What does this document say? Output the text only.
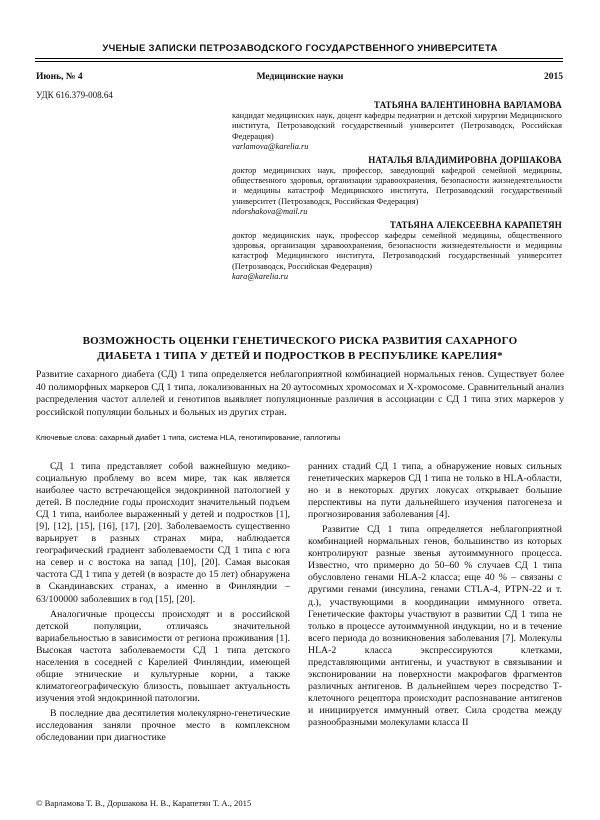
УЧЕНЫЕ ЗАПИСКИ ПЕТРОЗАВОДСКОГО ГОСУДАРСТВЕННОГО УНИВЕРСИТЕТА
Июнь, № 4	Медицинские науки	2015
УДК 616.379-008.64
ТАТЬЯНА ВАЛЕНТИНОВНА ВАРЛАМОВА
кандидат медицинских наук, доцент кафедры педиатрии и детской хирургии Медицинского института, Петрозаводский государственный университет (Петрозаводск, Российская Федерация)
varlamova@karelia.ru
НАТАЛЬЯ ВЛАДИМИРОВНА ДОРШАКОВА
доктор медицинских наук, профессор, заведующий кафедрой семейной медицины, общественного здоровья, организации здравоохранения, безопасности жизнедеятельности и медицины катастроф Медицинского института, Петрозаводский государственный университет (Петрозаводск, Российская Федерация)
ndorshakova@mail.ru
ТАТЬЯНА АЛЕКСЕЕВНА КАРАПЕТЯН
доктор медицинских наук, профессор кафедры семейной медицины, общественного здоровья, организации здравоохранения, безопасности жизнедеятельности и медицины катастроф Медицинского института, Петрозаводский государственный университет (Петрозаводск, Российская Федерация)
kara@karelia.ru
ВОЗМОЖНОСТЬ ОЦЕНКИ ГЕНЕТИЧЕСКОГО РИСКА РАЗВИТИЯ САХАРНОГО
ДИАБЕТА 1 ТИПА У ДЕТЕЙ И ПОДРОСТКОВ В РЕСПУБЛИКЕ КАРЕЛИЯ*
Развитие сахарного диабета (СД) 1 типа определяется неблагоприятной комбинацией нормальных генов. Существует более 40 полиморфных маркеров СД 1 типа, локализованных на 20 аутосомных хромосомах и X-хромосоме. Сравнительный анализ распределения частот аллелей и генотипов выявляет популяционные различия в ассоциации с СД 1 типа этих маркеров у российской популяции больных и больных из других стран.
Ключевые слова: сахарный диабет 1 типа, система HLA, генотипирование, гаплотипы

СД 1 типа представляет собой важнейшую медико-социальную проблему во всем мире, так как является наиболее часто встречающейся эндокринной патологией у детей. В последние годы происходит значительный подъем СД 1 типа, наиболее выраженный у детей и подростков [1], [9], [12], [15], [16], [17], [20]. Заболеваемость существенно варьирует в разных странах мира, наблюдается географический градиент заболеваемости СД 1 типа с юга на север и с востока на запад [10], [20]. Самая высокая частота СД 1 типа у детей (в возрасте до 15 лет) обнаружена в Скандинавских странах, а именно в Финляндии – 63/100000 заболевших в год [15], [20].

Аналогичные процессы происходят и в российской детской популяции, отличаясь значительной вариабельностью в зависимости от региона проживания [1]. Высокая частота заболеваемости СД 1 типа детского населения в соседней с Карелией Финляндии, имеющей общие этнические и культурные корни, а также климатогеографическую близость, повышает актуальность изучения этой эндокринной патологии.

В последние два десятилетия молекулярно-генетические исследования заняли прочное место в комплексном обследовании при диагностике

ранних стадий СД 1 типа, а обнаружение новых сильных генетических маркеров СД 1 типа не только в HLA-области, но и в некоторых других локусах открывает большие перспективы на пути дальнейшего изучения патогенеза и прогнозирования заболевания [4].

Развитие СД 1 типа определяется неблагоприятной комбинацией нормальных генов, большинство из которых контролируют разные звенья аутоиммунного процесса. Известно, что примерно до 50–60 % случаев СД 1 типа обусловлено генами HLA-2 класса; еще 40 % – связаны с другими генами (инсулина, генами CTLA-4, PTPN-22 и т. д.), участвующими в координации иммунного ответа. Генетические факторы участвуют в развитии СД 1 типа не только в процессе аутоиммунной индукции, но и в течение всего периода до возникновения заболевания [7]. Молекулы HLA-2 класса экспрессируются клетками, представляющими антигены, и участвуют в связывании и экспонировании на поверхности макрофагов фрагментов различных антигенов. В дальнейшем через посредство Т-клеточного рецептора происходит распознавание антигенов и инициируется иммунный ответ. Сила сродства между разнообразными молекулами класса II

© Варламова Т. В., Доршакова Н. В., Карапетян Т. А., 2015
